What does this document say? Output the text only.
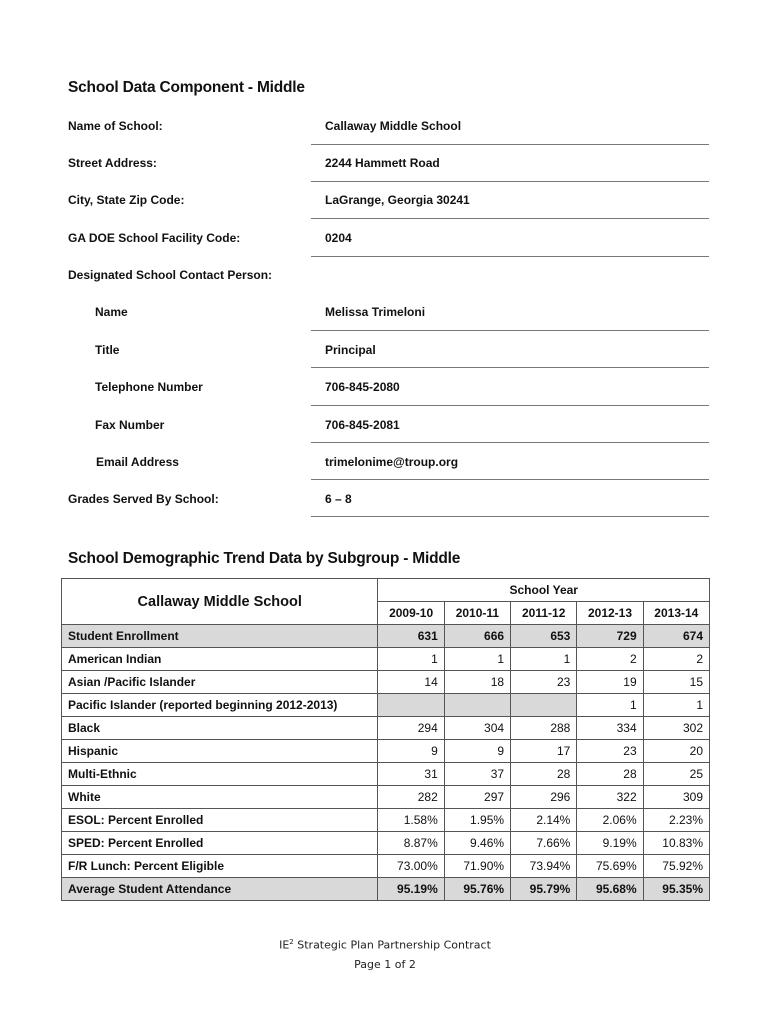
School Data Component - Middle
Name of School:	Callaway Middle School
Street Address:	2244 Hammett Road
City, State Zip Code:	LaGrange, Georgia 30241
GA DOE School Facility Code:	0204
Designated School Contact Person:
Name	Melissa Trimeloni
Title	Principal
Telephone Number	706-845-2080
Fax Number	706-845-2081
Email Address	trimelonime@troup.org
Grades Served By School:	6 – 8
School Demographic Trend Data by Subgroup - Middle
Callaway Middle School	School Year				
	2009-10	2010-11	2011-12	2012-13	2013-14
Student Enrollment	631	666	653	729	674
American Indian	1	1	1	2	2
Asian /Pacific Islander	14	18	23	19	15
Pacific Islander (reported beginning 2012-2013)				1	1
Black	294	304	288	334	302
Hispanic	9	9	17	23	20
Multi-Ethnic	31	37	28	28	25
White	282	297	296	322	309
ESOL: Percent Enrolled	1.58%	1.95%	2.14%	2.06%	2.23%
SPED: Percent Enrolled	8.87%	9.46%	7.66%	9.19%	10.83%
F/R Lunch: Percent Eligible	73.00%	71.90%	73.94%	75.69%	75.92%
Average Student Attendance	95.19%	95.76%	95.79%	95.68%	95.35%
$IE^2$ Strategic Plan Partnership Contract
Page 1 of 2
